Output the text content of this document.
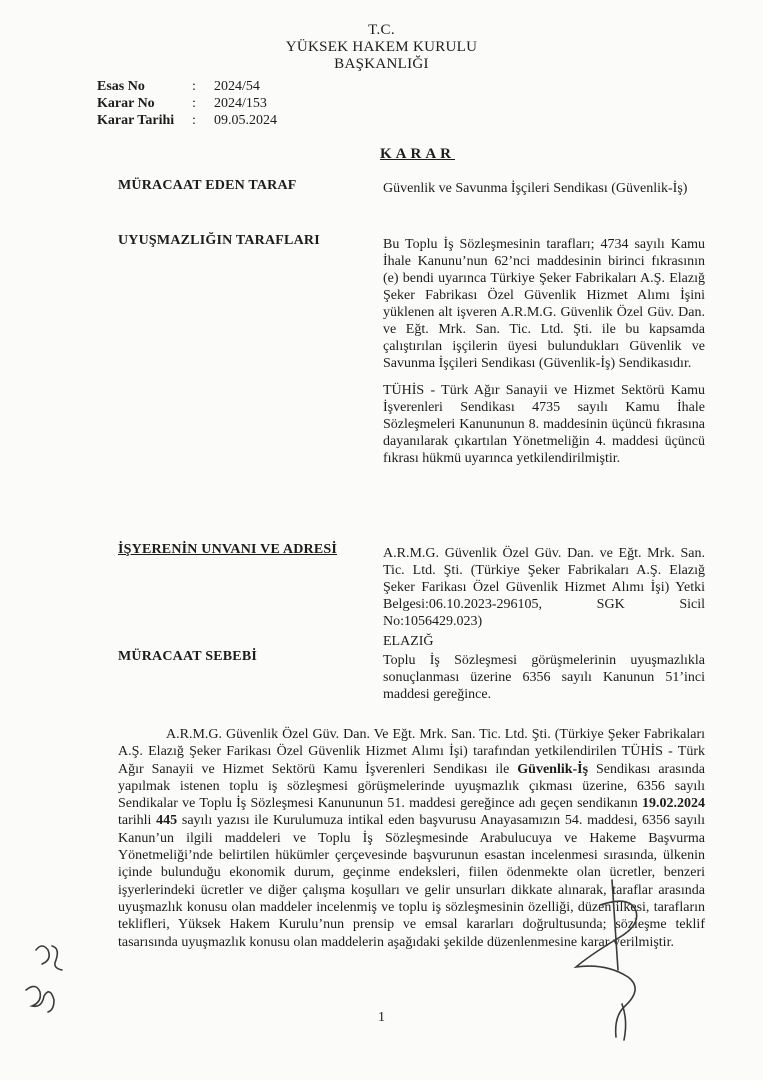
T.C.
YÜKSEK HAKEM KURULU
BAŞKANLIĞI
Esas No	:	2024/54
Karar No	:	2024/153
Karar Tarihi	:	09.05.2024
KARAR
MÜRACAAT EDEN TARAF	Güvenlik ve Savunma İşçileri Sendikası (Güvenlik-İş)
UYUŞMAZLIĞIN TARAFLARI	Bu Toplu İş Sözleşmesinin tarafları; 4734 sayılı Kamu İhale Kanunu’nun 62’nci maddesinin birinci fıkrasının (e) bendi uyarınca Türkiye Şeker Fabrikaları A.Ş. Elazığ Şeker Fabrikası Özel Güvenlik Hizmet Alımı İşini yüklenen alt işveren A.R.M.G. Güvenlik Özel Güv. Dan. ve Eğt. Mrk. San. Tic. Ltd. Şti. ile bu kapsamda çalıştırılan işçilerin üyesi bulundukları Güvenlik ve Savunma İşçileri Sendikası (Güvenlik-İş) Sendikasıdır.
TÜHİS - Türk Ağır Sanayii ve Hizmet Sektörü Kamu İşverenleri Sendikası 4735 sayılı Kamu İhale Sözleşmeleri Kanununun 8. maddesinin üçüncü fıkrasına dayanılarak çıkartılan Yönetmeliğin 4. maddesi üçüncü fıkrası hükmü uyarınca yetkilendirilmiştir.
İŞYERENİN UNVANI VE ADRESİ	A.R.M.G. Güvenlik Özel Güv. Dan. ve Eğt. Mrk. San. Tic. Ltd. Şti. (Türkiye Şeker Fabrikaları A.Ş. Elazığ Şeker Farikası Özel Güvenlik Hizmet Alımı İşi) Yetki Belgesi:06.10.2023-296105, SGK Sicil No:1056429.023)
ELAZIĞ
MÜRACAAT SEBEBİ	Toplu İş Sözleşmesi görüşmelerinin uyuşmazlıkla sonuçlanması üzerine 6356 sayılı Kanunun 51’inci maddesi gereğince.
A.R.M.G. Güvenlik Özel Güv. Dan. Ve Eğt. Mrk. San. Tic. Ltd. Şti. (Türkiye Şeker Fabrikaları A.Ş. Elazığ Şeker Farikası Özel Güvenlik Hizmet Alımı İşi) tarafından yetkilendirilen TÜHİS - Türk Ağır Sanayii ve Hizmet Sektörü Kamu İşverenleri Sendikası ile Güvenlik-İş Sendikası arasında yapılmak istenen toplu iş sözleşmesi görüşmelerinde uyuşmazlık çıkması üzerine, 6356 sayılı Sendikalar ve Toplu İş Sözleşmesi Kanununun 51. maddesi gereğince adı geçen sendikanın 19.02.2024 tarihli 445 sayılı yazısı ile Kurulumuza intikal eden başvurusu Anayasamızın 54. maddesi, 6356 sayılı Kanun’un ilgili maddeleri ve Toplu İş Sözleşmesinde Arabulucuya ve Hakeme Başvurma Yönetmeliği’nde belirtilen hükümler çerçevesinde başvurunun esastan incelenmesi sırasında, ülkenin içinde bulunduğu ekonomik durum, geçinme endeksleri, fiilen ödenmekte olan ücretler, benzeri işyerlerindeki ücretler ve diğer çalışma koşulları ve gelir unsurları dikkate alınarak, taraflar arasında uyuşmazlık konusu olan maddeler incelenmiş ve toplu iş sözleşmesinin özelliği, düzen ilkesi, tarafların teklifleri, Yüksek Hakem Kurulu’nun prensip ve emsal kararları doğrultusunda; sözleşme teklif tasarısında uyuşmazlık konusu olan maddelerin aşağıdaki şekilde düzenlenmesine karar verilmiştir.
1
